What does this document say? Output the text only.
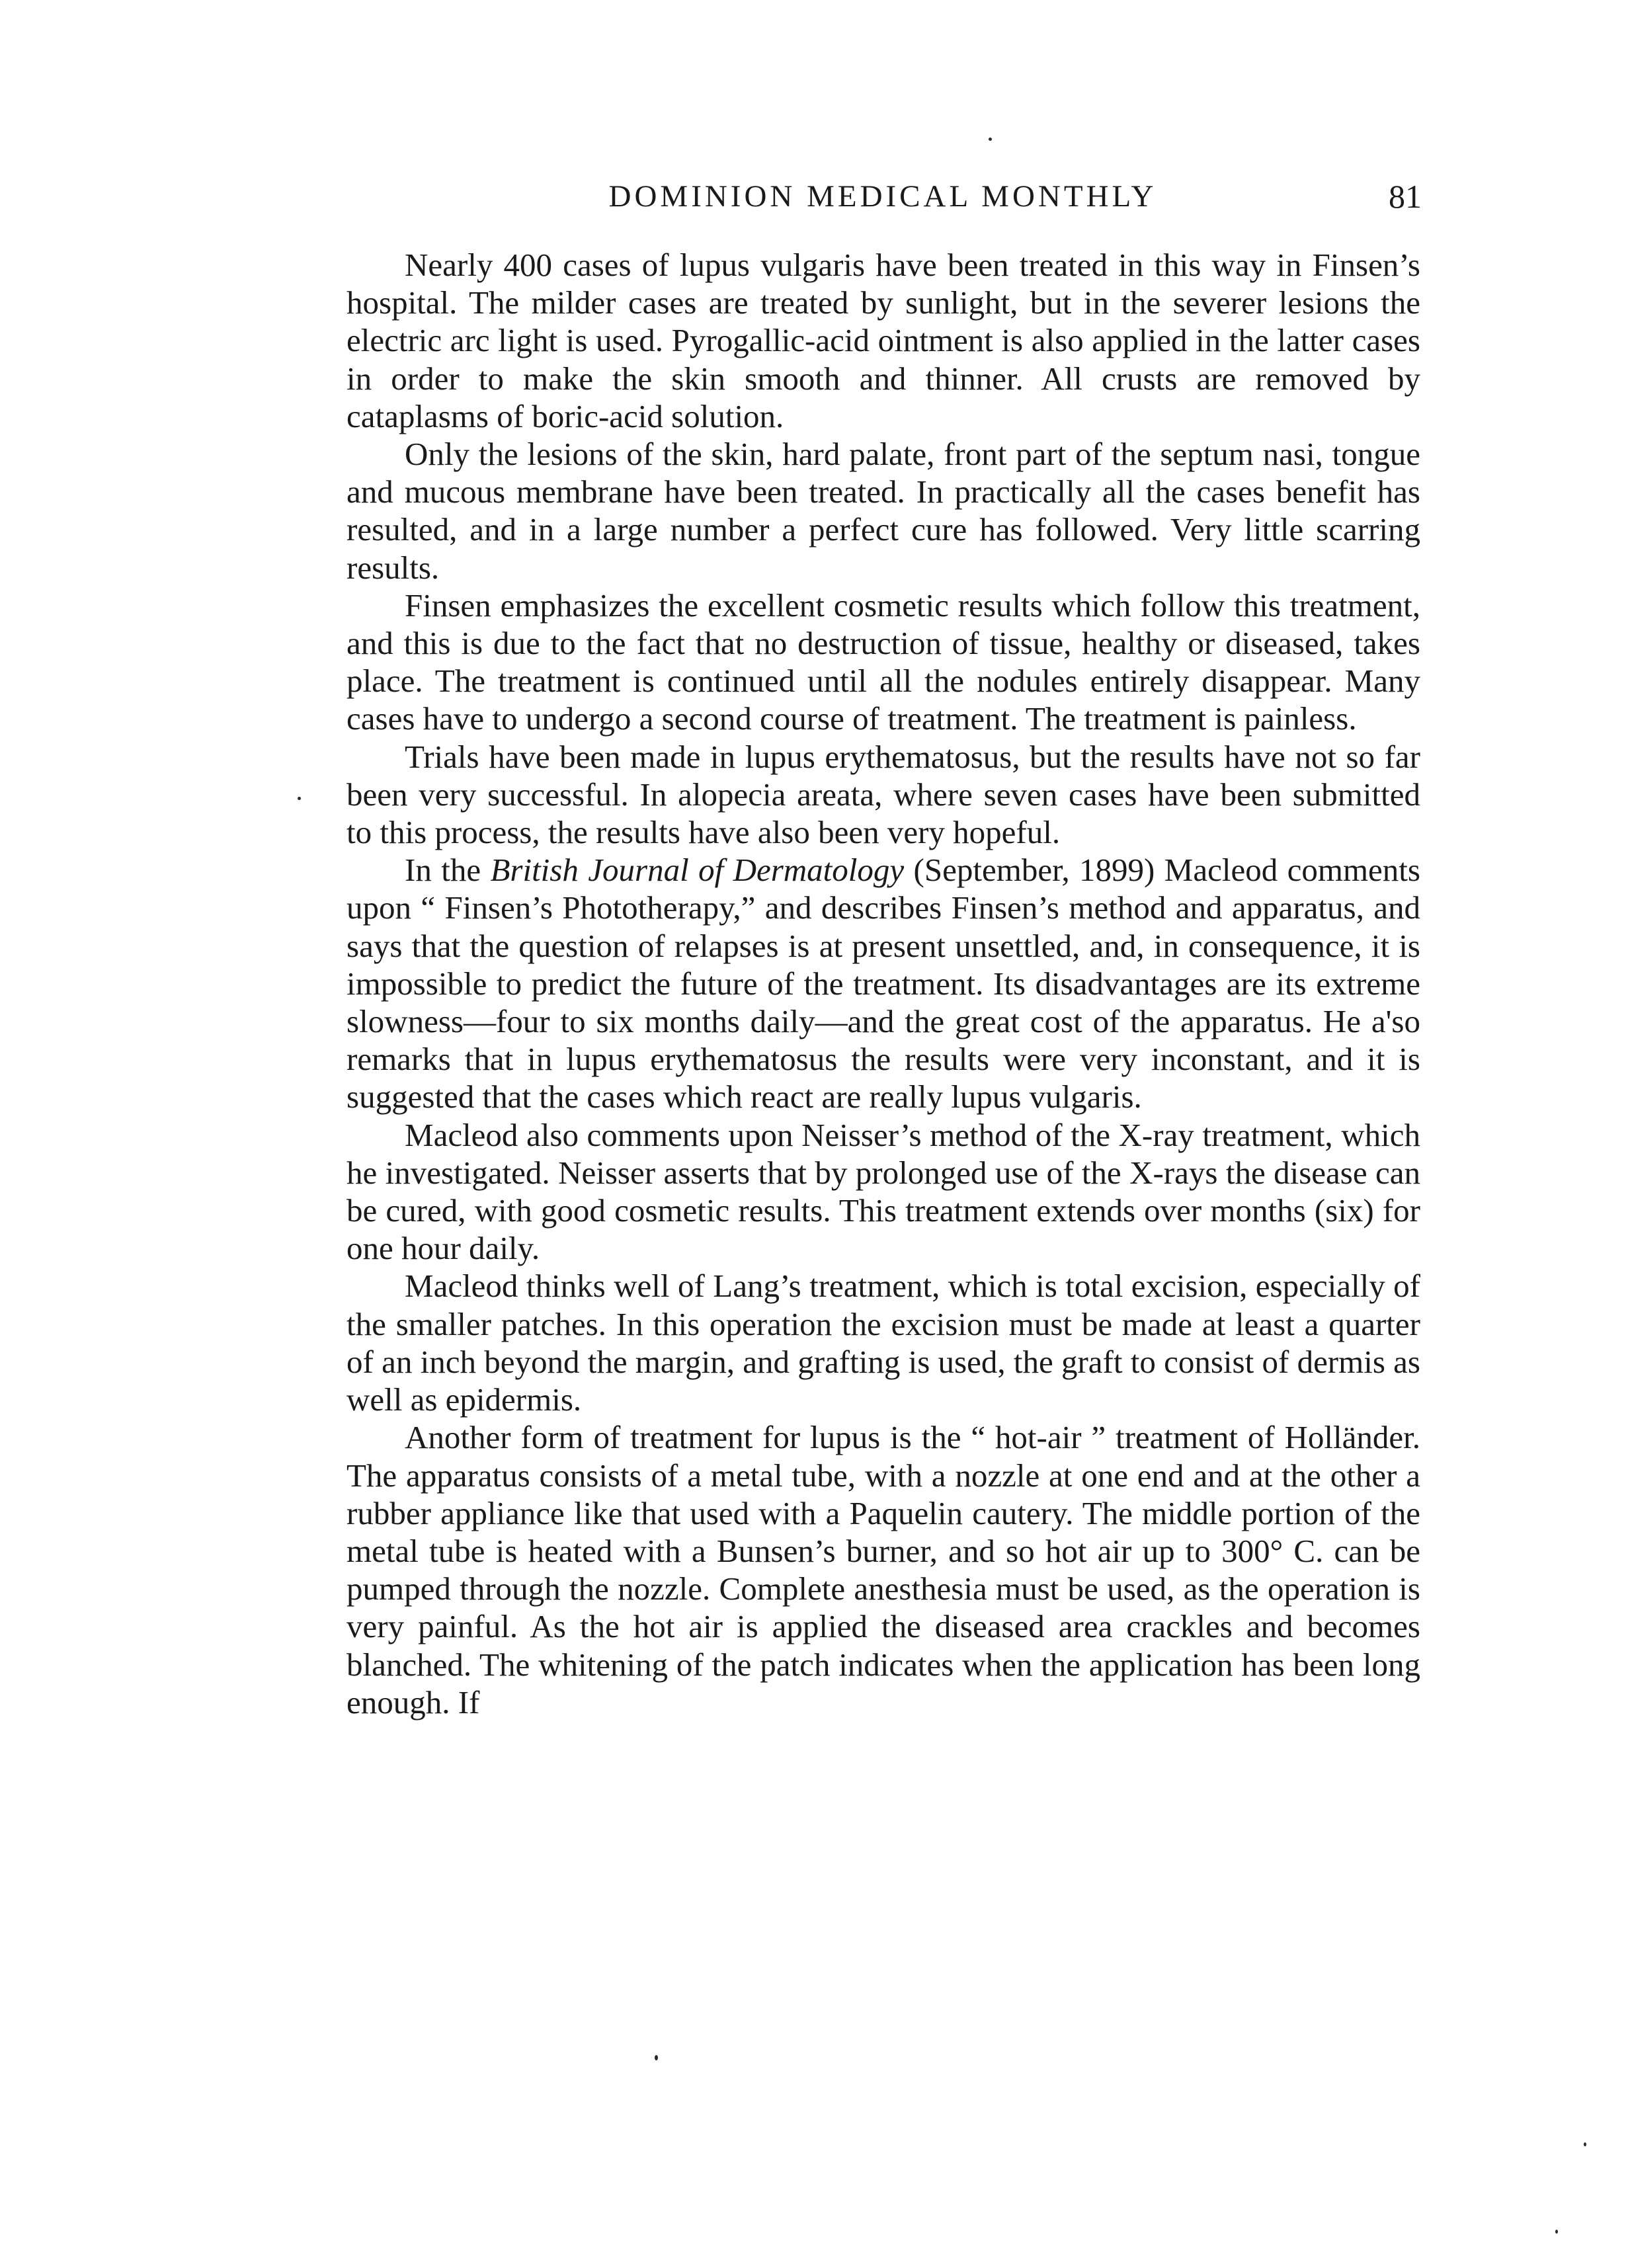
DOMINION MEDICAL MONTHLY	81

Nearly 400 cases of lupus vulgaris have been treated in this way in Finsen’s hospital. The milder cases are treated by sunlight, but in the severer lesions the electric arc light is used. Pyrogallic-acid ointment is also applied in the latter cases in order to make the skin smooth and thinner. All crusts are removed by cataplasms of boric-acid solution.

Only the lesions of the skin, hard palate, front part of the septum nasi, tongue and mucous membrane have been treated. In practically all the cases benefit has resulted, and in a large number a perfect cure has followed. Very little scarring results.

Finsen emphasizes the excellent cosmetic results which follow this treatment, and this is due to the fact that no destruction of tissue, healthy or diseased, takes place. The treatment is continued until all the nodules entirely disappear. Many cases have to undergo a second course of treatment. The treatment is painless.

Trials have been made in lupus erythematosus, but the results have not so far been very successful. In alopecia areata, where seven cases have been submitted to this process, the results have also been very hopeful.

In the British Journal of Dermatology (September, 1899) Macleod comments upon “ Finsen’s Phototherapy,” and describes Finsen’s method and apparatus, and says that the question of relapses is at present unsettled, and, in consequence, it is impossible to predict the future of the treatment. Its disadvantages are its extreme slowness—four to six months daily—and the great cost of the apparatus. He a'so remarks that in lupus erythematosus the results were very inconstant, and it is suggested that the cases which react are really lupus vulgaris.

Macleod also comments upon Neisser’s method of the X-ray treatment, which he investigated. Neisser asserts that by prolonged use of the X-rays the disease can be cured, with good cosmetic results. This treatment extends over months (six) for one hour daily.

Macleod thinks well of Lang’s treatment, which is total excision, especially of the smaller patches. In this operation the excision must be made at least a quarter of an inch beyond the margin, and grafting is used, the graft to consist of dermis as well as epidermis.

Another form of treatment for lupus is the “ hot-air ” treatment of Holländer. The apparatus consists of a metal tube, with a nozzle at one end and at the other a rubber appliance like that used with a Paquelin cautery. The middle portion of the metal tube is heated with a Bunsen’s burner, and so hot air up to 300° C. can be pumped through the nozzle. Complete anesthesia must be used, as the operation is very painful. As the hot air is applied the diseased area crackles and becomes blanched. The whitening of the patch indicates when the application has been long enough. If
